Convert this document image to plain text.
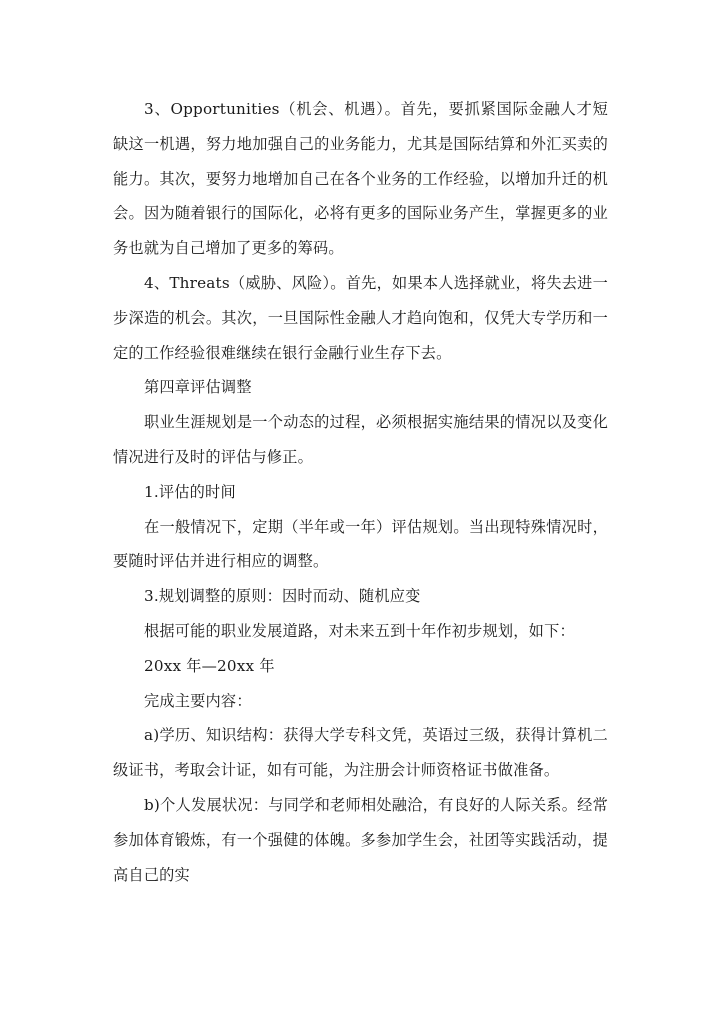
3、Opportunities（机会、机遇）。首先，要抓紧国际金融人才短缺这一机遇，努力地加强自己的业务能力，尤其是国际结算和外汇买卖的能力。其次，要努力地增加自己在各个业务的工作经验，以增加升迁的机会。因为随着银行的国际化，必将有更多的国际业务产生，掌握更多的业务也就为自己增加了更多的筹码。

4、Threats（威胁、风险）。首先，如果本人选择就业，将失去进一步深造的机会。其次，一旦国际性金融人才趋向饱和，仅凭大专学历和一定的工作经验很难继续在银行金融行业生存下去。

第四章评估调整

职业生涯规划是一个动态的过程，必须根据实施结果的情况以及变化情况进行及时的评估与修正。

1.评估的时间

在一般情况下，定期（半年或一年）评估规划。当出现特殊情况时，要随时评估并进行相应的调整。

3.规划调整的原则：因时而动、随机应变

根据可能的职业发展道路，对未来五到十年作初步规划，如下：

20xx 年—20xx 年

完成主要内容：

a)学历、知识结构：获得大学专科文凭，英语过三级，获得计算机二级证书，考取会计证，如有可能，为注册会计师资格证书做准备。

b)个人发展状况：与同学和老师相处融洽，有良好的人际关系。经常参加体育锻炼，有一个强健的体魄。多参加学生会，社团等实践活动，提高自己的实
